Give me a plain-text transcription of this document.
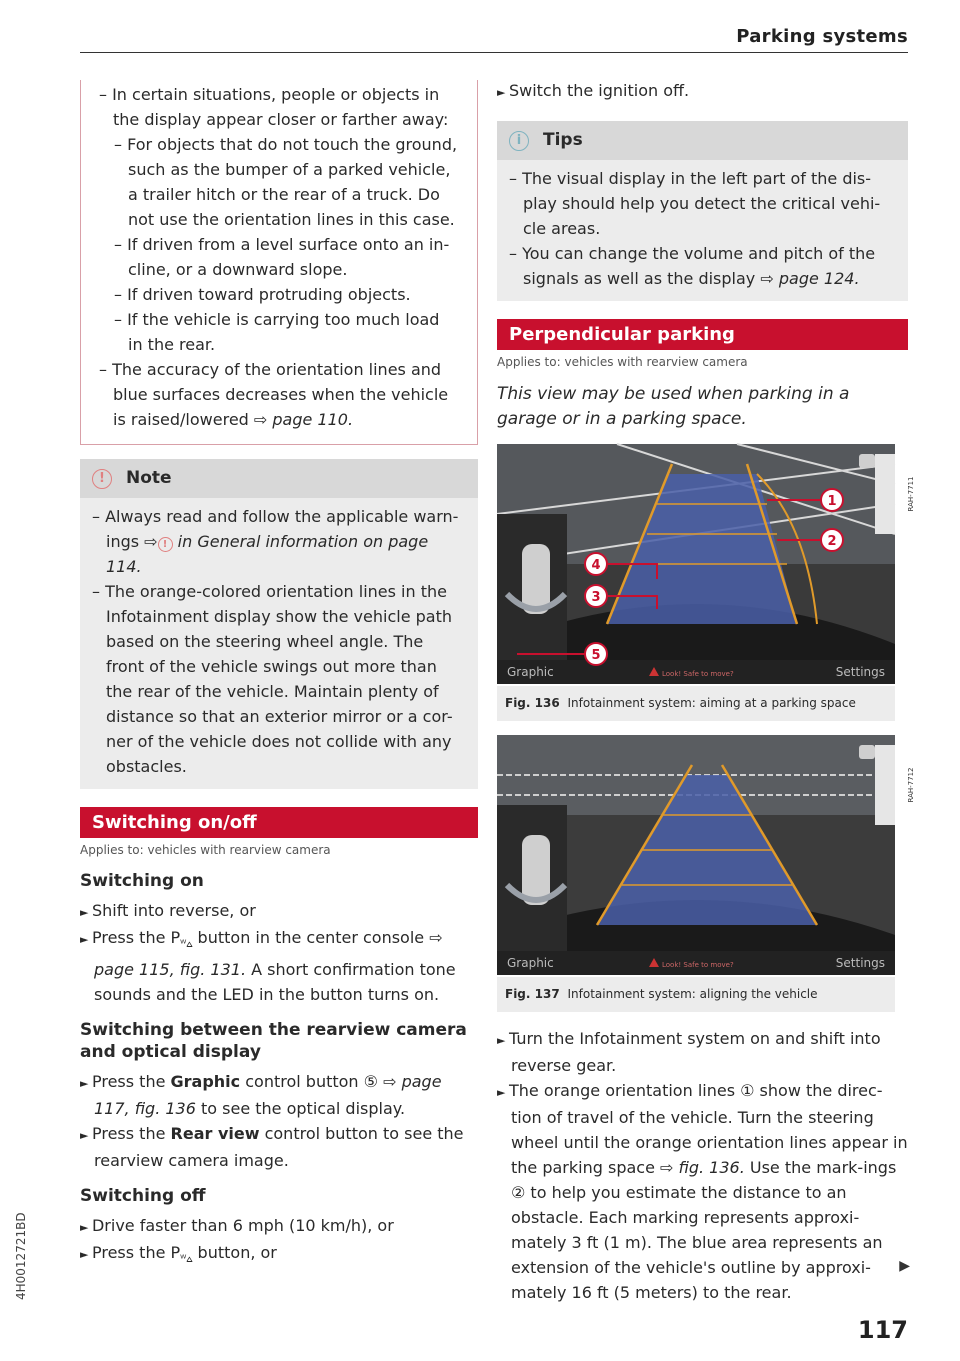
Parking systems

– In certain situations, people or objects in the display appear closer or farther away:

– For objects that do not touch the ground, such as the bumper of a parked vehicle, a trailer hitch or the rear of a truck. Do not use the orientation lines in this case.

– If driven from a level surface onto an in-cline, or a downward slope.

– If driven toward protruding objects.

– If the vehicle is carrying too much load in the rear.

– The accuracy of the orientation lines and blue surfaces decreases when the vehicle is raised/lowered ⇨ page 110.

!	Note

– Always read and follow the applicable warn-ings ⇨ ! in General information on page 114.

– The orange-colored orientation lines in the Infotainment display show the vehicle path based on the steering wheel angle. The front of the vehicle swings out more than the rear of the vehicle. Maintain plenty of distance so that an exterior mirror or a cor-ner of the vehicle does not collide with any obstacles.

Switching on/off
Applies to: vehicles with rearview camera
Switching on

► Shift into reverse, or

► Press the $P_{ᵂ⩟}$ button in the center console ⇨ page 115, fig. 131. A short confirmation tone sounds and the LED in the button turns on.

Switching between the rearview camera and optical display

► Press the Graphic control button ⑤ ⇨ page 117, fig. 136 to see the optical display.

► Press the Rear view control button to see the rearview camera image.

Switching off

► Drive faster than 6 mph (10 km/h), or

► Press the $P_{ᵂ⩟}$ button, or

► Switch the ignition off.

i	Tips

– The visual display in the left part of the dis-play should help you detect the critical vehi-cle areas.

– You can change the volume and pitch of the signals as well as the display ⇨ page 124.

Perpendicular parking
Applies to: vehicles with rearview camera

This view may be used when parking in a garage or in a parking space.

1
2
3
4
5
RAH-7711
Graphic	Look! Safe to move?	Settings
Fig. 136 Infotainment system: aiming at a parking space
RAH-7712
Graphic	Look! Safe to move?	Settings
Fig. 137 Infotainment system: aligning the vehicle

► Turn the Infotainment system on and shift into reverse gear.

► The orange orientation lines ① show the direc-tion of travel of the vehicle. Turn the steering wheel until the orange orientation lines appear in the parking space ⇨ fig. 136. Use the mark-ings ② to help you estimate the distance to an obstacle. Each marking represents approxi-mately 3 ft (1 m). The blue area represents an extension of the vehicle's outline by approxi-mately 16 ft (5 meters) to the rear.

▶
4H0012721BD
117
